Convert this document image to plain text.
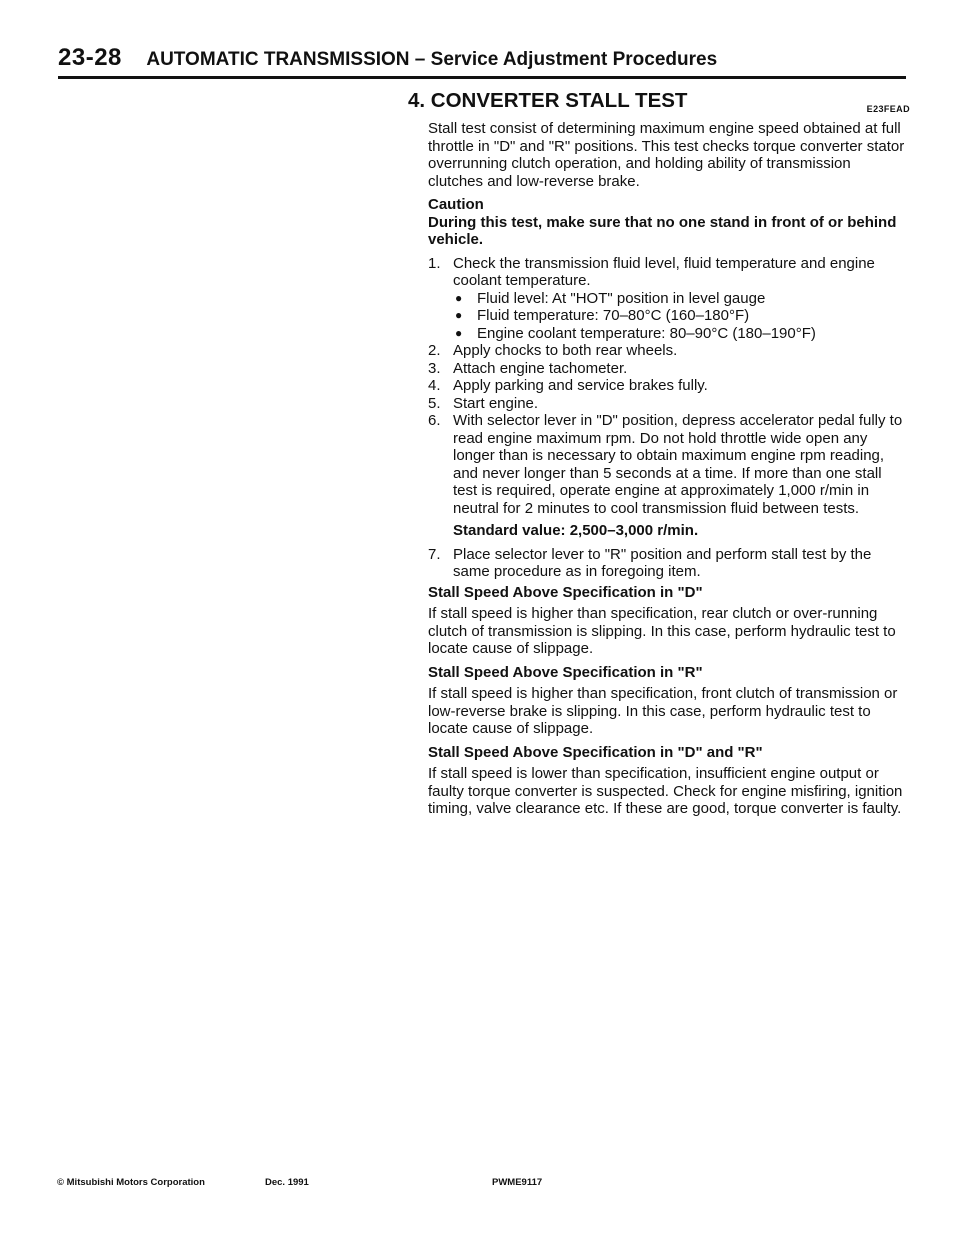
23-28 AUTOMATIC TRANSMISSION – Service Adjustment Procedures
4. CONVERTER STALL TEST	E23FEAD

Stall test consist of determining maximum engine speed obtained at full throttle in "D" and "R" positions. This test checks torque converter stator overrunning clutch operation, and holding ability of transmission clutches and low-reverse brake.

Caution
During this test, make sure that no one stand in front of or behind vehicle.
1. Check the transmission fluid level, fluid temperature and engine coolant temperature.
● Fluid level: At "HOT" position in level gauge
● Fluid temperature: 70–80°C (160–180°F)
● Engine coolant temperature: 80–90°C (180–190°F)
2. Apply chocks to both rear wheels.
3. Attach engine tachometer.
4. Apply parking and service brakes fully.
5. Start engine.
6. With selector lever in "D" position, depress accelerator pedal fully to read engine maximum rpm. Do not hold throttle wide open any longer than is necessary to obtain maximum engine rpm reading, and never longer than 5 seconds at a time. If more than one stall test is required, operate engine at approximately 1,000 r/min in neutral for 2 minutes to cool transmission fluid between tests.
Standard value: 2,500–3,000 r/min.
7. Place selector lever to "R" position and perform stall test by the same procedure as in foregoing item.
Stall Speed Above Specification in "D"

If stall speed is higher than specification, rear clutch or over-running clutch of transmission is slipping. In this case, perform hydraulic test to locate cause of slippage.

Stall Speed Above Specification in "R"

If stall speed is higher than specification, front clutch of transmission or low-reverse brake is slipping. In this case, perform hydraulic test to locate cause of slippage.

Stall Speed Above Specification in "D" and "R"

If stall speed is lower than specification, insufficient engine output or faulty torque converter is suspected. Check for engine misfiring, ignition timing, valve clearance etc. If these are good, torque converter is faulty.

© Mitsubishi Motors Corporation	Dec. 1991	PWME9117
